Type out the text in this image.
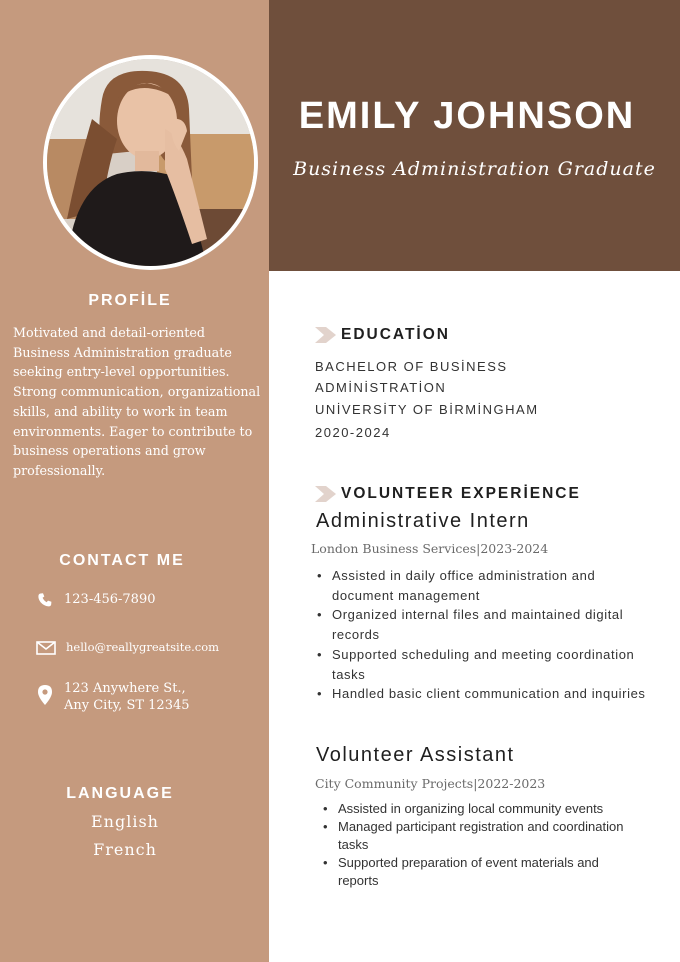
EMILY JOHNSON
Business Administration Graduate
PROFİLE
Motivated and detail-oriented Business Administration graduate seeking entry-level opportunities. Strong communication, organizational skills, and ability to work in team environments. Eager to contribute to business operations and grow professionally.
CONTACT ME
123-456-7890
hello@reallygreatsite.com
123 Anywhere St.,
Any City, ST 12345
LANGUAGE
English
French
EDUCATİON
BACHELOR OF BUSİNESS
ADMİNİSTRATİON
UNİVERSİTY OF BİRMİNGHAM
2020-2024
VOLUNTEER EXPERİENCE
Administrative Intern
London Business Services|2023-2024
• Assisted in daily office administration and document management
• Organized internal files and maintained digital records
• Supported scheduling and meeting coordination tasks
• Handled basic client communication and inquiries
Volunteer Assistant
City Community Projects|2022-2023
• Assisted in organizing local community events
• Managed participant registration and coordination tasks
• Supported preparation of event materials and reports
